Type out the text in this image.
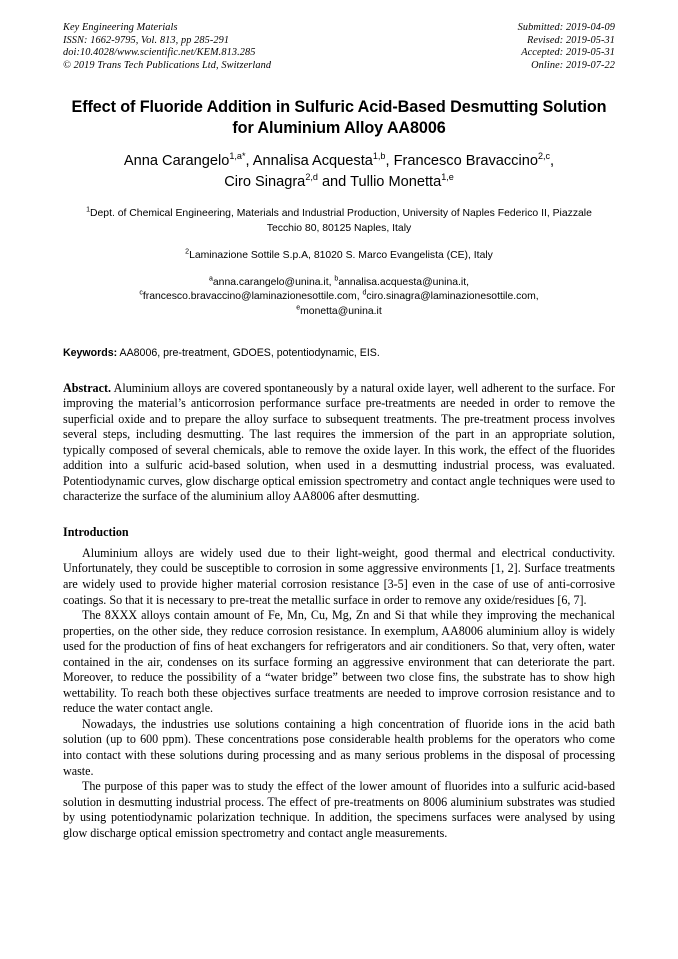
Key Engineering Materials
ISSN: 1662-9795, Vol. 813, pp 285-291
doi:10.4028/www.scientific.net/KEM.813.285
© 2019 Trans Tech Publications Ltd, Switzerland
Submitted: 2019-04-09
Revised: 2019-05-31
Accepted: 2019-05-31
Online: 2019-07-22
Effect of Fluoride Addition in Sulfuric Acid-Based Desmutting Solution
for Aluminium Alloy AA8006
Anna Carangelo$^{1,a*}$, Annalisa Acquesta$^{1,b}$, Francesco Bravaccino$^{2,c}$,
Ciro Sinagra$^{2,d}$ and Tullio Monetta$^{1,e}$
$^1$Dept. of Chemical Engineering, Materials and Industrial Production, University of Naples Federico II, Piazzale Tecchio 80, 80125 Naples, Italy
$^2$Laminazione Sottile S.p.A, 81020 S. Marco Evangelista (CE), Italy
$^a$anna.carangelo@unina.it, $^b$annalisa.acquesta@unina.it,
$^c$francesco.bravaccino@laminazionesottile.com, $^d$ciro.sinagra@laminazionesottile.com,
$^e$monetta@unina.it
Keywords: AA8006, pre-treatment, GDOES, potentiodynamic, EIS.
Abstract. Aluminium alloys are covered spontaneously by a natural oxide layer, well adherent to the surface. For improving the material’s anticorrosion performance surface pre-treatments are needed in order to remove the superficial oxide and to prepare the alloy surface to subsequent treatments. The pre-treatment process involves several steps, including desmutting. The last requires the immersion of the part in an appropriate solution, typically composed of several chemicals, able to remove the oxide layer. In this work, the effect of the fluorides addition into a sulfuric acid-based solution, when used in a desmutting industrial process, was evaluated. Potentiodynamic curves, glow discharge optical emission spectrometry and contact angle techniques were used to characterize the surface of the aluminium alloy AA8006 after desmutting.
Introduction

Aluminium alloys are widely used due to their light-weight, good thermal and electrical conductivity. Unfortunately, they could be susceptible to corrosion in some aggressive environments [1, 2]. Surface treatments are widely used to provide higher material corrosion resistance [3-5] even in the case of use of anti-corrosive coatings. So that it is necessary to pre-treat the metallic surface in order to remove any oxide/residues [6, 7].

The 8XXX alloys contain amount of Fe, Mn, Cu, Mg, Zn and Si that while they improving the mechanical properties, on the other side, they reduce corrosion resistance. In exemplum, AA8006 aluminium alloy is widely used for the production of fins of heat exchangers for refrigerators and air conditioners. So that, very often, water contained in the air, condenses on its surface forming an aggressive environment that can deteriorate the part. Moreover, to reduce the possibility of a “water bridge” between two close fins, the substrate has to show high wettability. To reach both these objectives surface treatments are needed to improve corrosion resistance and to reduce the water contact angle.

Nowadays, the industries use solutions containing a high concentration of fluoride ions in the acid bath solution (up to 600 ppm). These concentrations pose considerable health problems for the operators who come into contact with these solutions during processing and as many serious problems in the disposal of processing waste.

The purpose of this paper was to study the effect of the lower amount of fluorides into a sulfuric acid-based solution in desmutting industrial process. The effect of pre-treatments on 8006 aluminium substrates was studied by using potentiodynamic polarization technique. In addition, the specimens surfaces were analysed by using glow discharge optical emission spectrometry and contact angle measurements.
